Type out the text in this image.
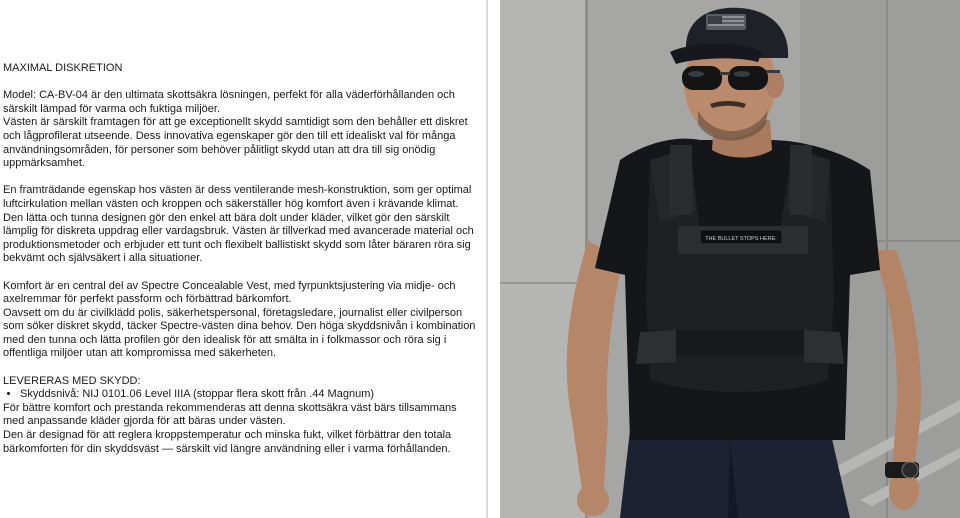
MAXIMAL DISKRETION

Model: CA-BV-04 är den ultimata skottsäkra lösningen, perfekt för alla väderförhållanden och särskilt lämpad för varma och fuktiga miljöer.

Västen är särskilt framtagen för att ge exceptionellt skydd samtidigt som den behåller ett diskret och lågprofilerat utseende. Dess innovativa egenskaper gör den till ett idealiskt val för många användningsområden, för personer som behöver pålitligt skydd utan att dra till sig onödig uppmärksamhet.

En framträdande egenskap hos västen är dess ventilerande mesh-konstruktion, som ger optimal luftcirkulation mellan västen och kroppen och säkerställer hög komfort även i krävande klimat.

Den lätta och tunna designen gör den enkel att bära dolt under kläder, vilket gör den särskilt lämplig för diskreta uppdrag eller vardagsbruk. Västen är tillverkad med avancerade material och produktionsmetoder och erbjuder ett tunt och flexibelt ballistiskt skydd som låter bäraren röra sig bekvämt och självsäkert i alla situationer.

Komfort är en central del av Spectre Concealable Vest, med fyrpunktsjustering via midje- och axelremmar för perfekt passform och förbättrad bärkomfort.

Oavsett om du är civilklädd polis, säkerhetspersonal, företagsledare, journalist eller civilperson som söker diskret skydd, täcker Spectre-västen dina behov. Den höga skyddsnivån i kombination med den tunna och lätta profilen gör den idealisk för att smälta in i folkmassor och röra sig i offentliga miljöer utan att kompromissa med säkerheten.

LEVERERAS MED SKYDD:

• Skyddsnivå: NIJ 0101.06 Level IIIA (stoppar flera skott från .44 Magnum)

För bättre komfort och prestanda rekommenderas att denna skottsäkra väst bärs tillsammans med anpassande kläder gjorda för att bäras under västen.

Den är designad för att reglera kroppstemperatur och minska fukt, vilket förbättrar den totala bärkomforten för din skyddsväst — särskilt vid längre användning eller i varma förhållanden.

THE BULLET STOPS HERE.
